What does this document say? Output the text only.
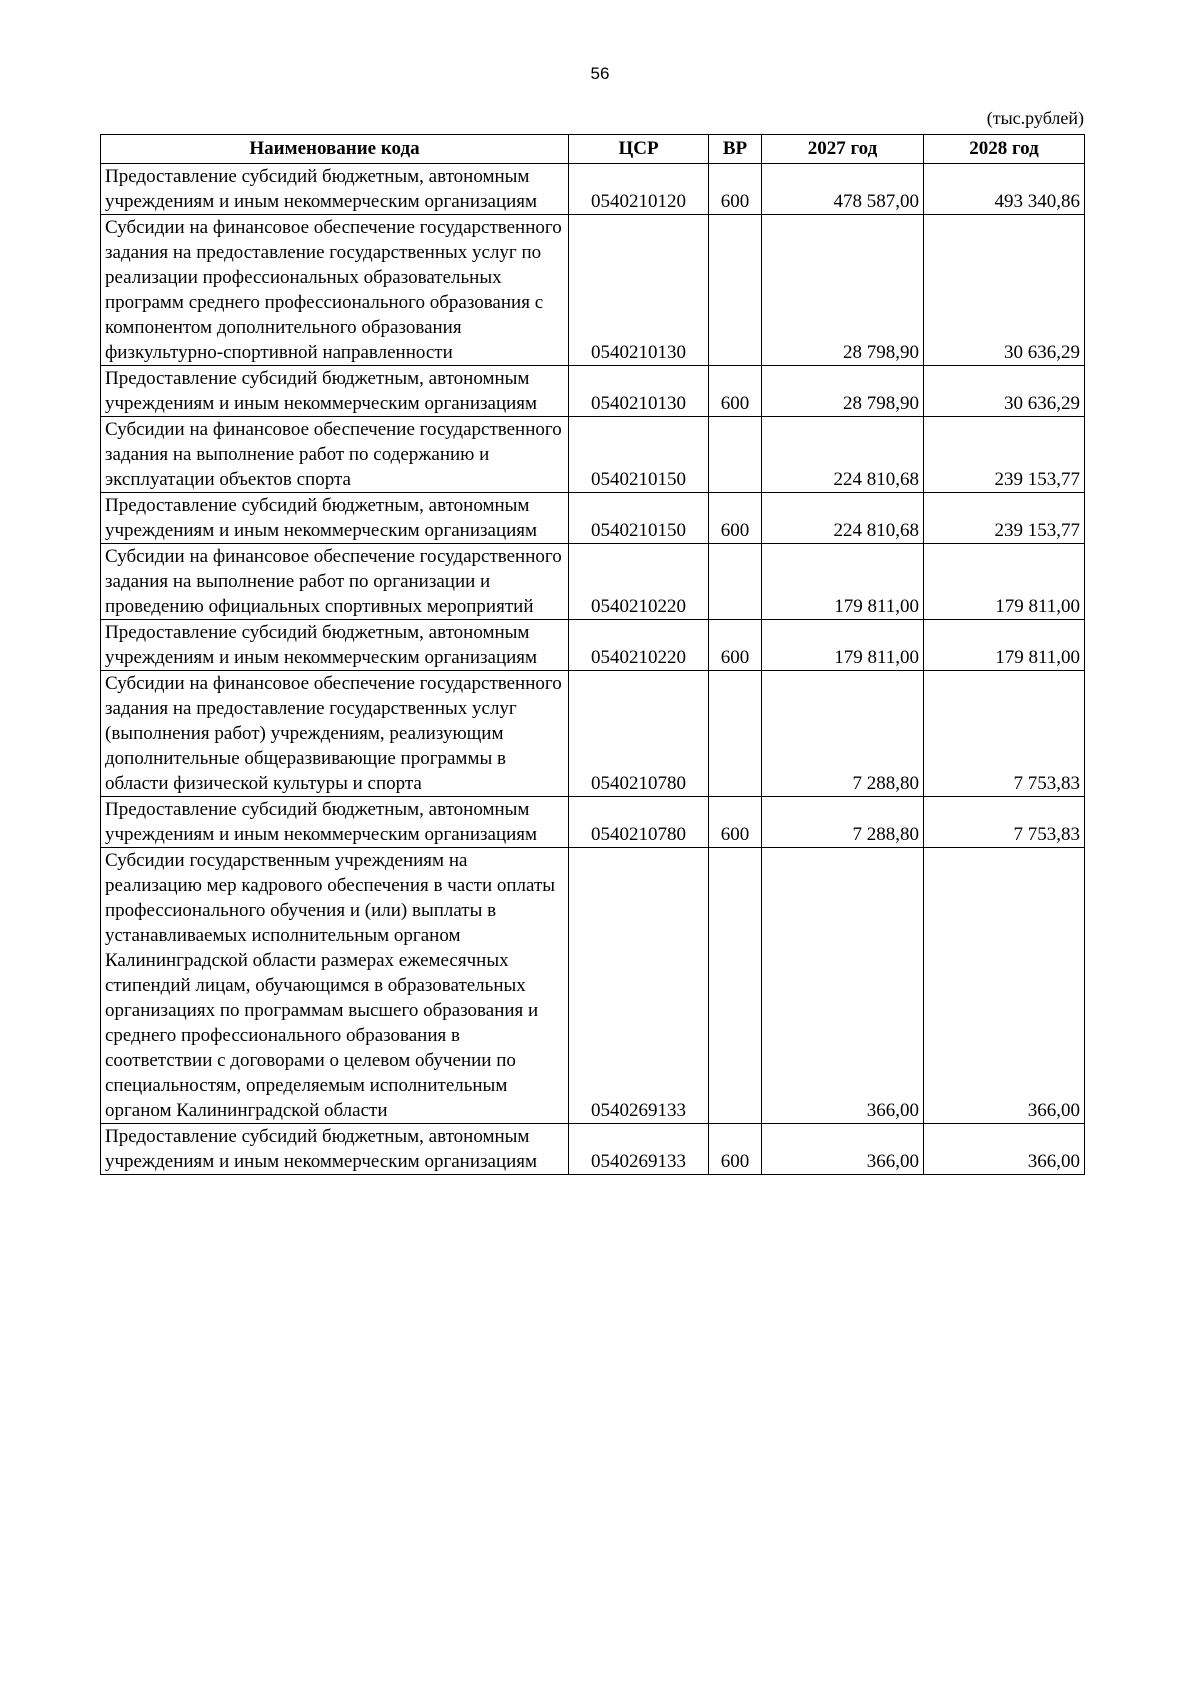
56
(тыс.рублей)
Наименование кода	ЦСР	ВР	2027 год	2028 год
Предоставление субсидий бюджетным, автономным учреждениям и иным некоммерческим организациям	0540210120	600	478 587,00	493 340,86
Субсидии на финансовое обеспечение государственного задания на предоставление государственных услуг по реализации профессиональных образовательных программ среднего профессионального образования с компонентом дополнительного образования физкультурно-спортивной направленности	0540210130		28 798,90	30 636,29
Предоставление субсидий бюджетным, автономным учреждениям и иным некоммерческим организациям	0540210130	600	28 798,90	30 636,29
Субсидии на финансовое обеспечение государственного задания на выполнение работ по содержанию и эксплуатации объектов спорта	0540210150		224 810,68	239 153,77
Предоставление субсидий бюджетным, автономным учреждениям и иным некоммерческим организациям	0540210150	600	224 810,68	239 153,77
Субсидии на финансовое обеспечение государственного задания на выполнение работ по организации и проведению официальных спортивных мероприятий	0540210220		179 811,00	179 811,00
Предоставление субсидий бюджетным, автономным учреждениям и иным некоммерческим организациям	0540210220	600	179 811,00	179 811,00
Субсидии на финансовое обеспечение государственного задания на предоставление государственных услуг (выполнения работ) учреждениям, реализующим дополнительные общеразвивающие программы в области физической культуры и спорта	0540210780		7 288,80	7 753,83
Предоставление субсидий бюджетным, автономным учреждениям и иным некоммерческим организациям	0540210780	600	7 288,80	7 753,83
Субсидии государственным учреждениям на реализацию мер кадрового обеспечения в части оплаты профессионального обучения и (или) выплаты в устанавливаемых исполнительным органом Калининградской области размерах ежемесячных стипендий лицам, обучающимся в образовательных организациях по программам высшего образования и среднего профессионального образования в соответствии с договорами о целевом обучении по специальностям, определяемым исполнительным органом Калининградской области	0540269133		366,00	366,00
Предоставление субсидий бюджетным, автономным учреждениям и иным некоммерческим организациям	0540269133	600	366,00	366,00
